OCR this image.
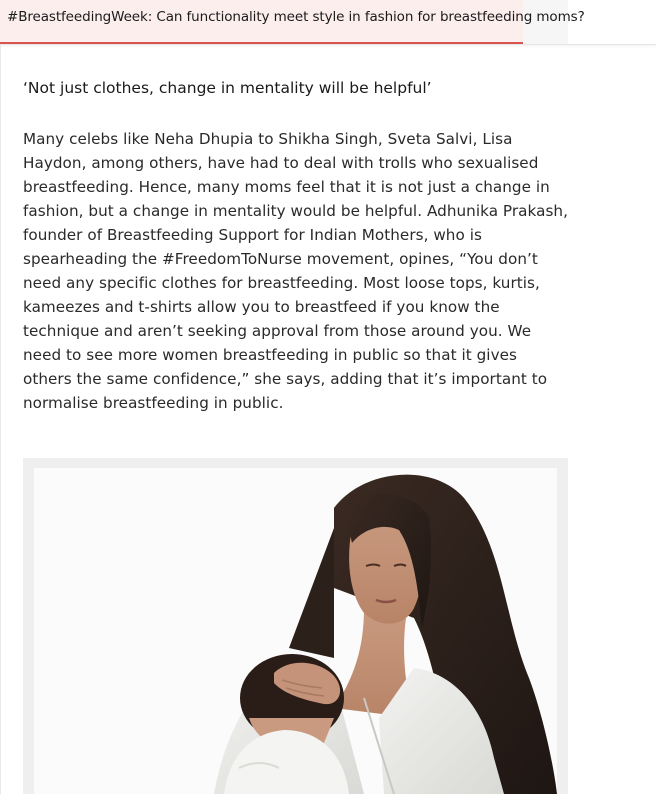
#BreastfeedingWeek: Can functionality meet style in fashion for breastfeeding moms?
‘Not just clothes, change in mentality will be helpful’

Many celebs like Neha Dhupia to Shikha Singh, Sveta Salvi, Lisa Haydon, among others, have had to deal with trolls who sexualised breastfeeding. Hence, many moms feel that it is not just a change in fashion, but a change in mentality would be helpful. Adhunika Prakash, founder of Breastfeeding Support for Indian Mothers, who is spearheading the #FreedomToNurse movement, opines, “You don’t need any specific clothes for breastfeeding. Most loose tops, kurtis, kameezes and t-shirts allow you to breastfeed if you know the technique and aren’t seeking approval from those around you. We need to see more women breastfeeding in public so that it gives others the same confidence,” she says, adding that it’s important to normalise breastfeeding in public.
